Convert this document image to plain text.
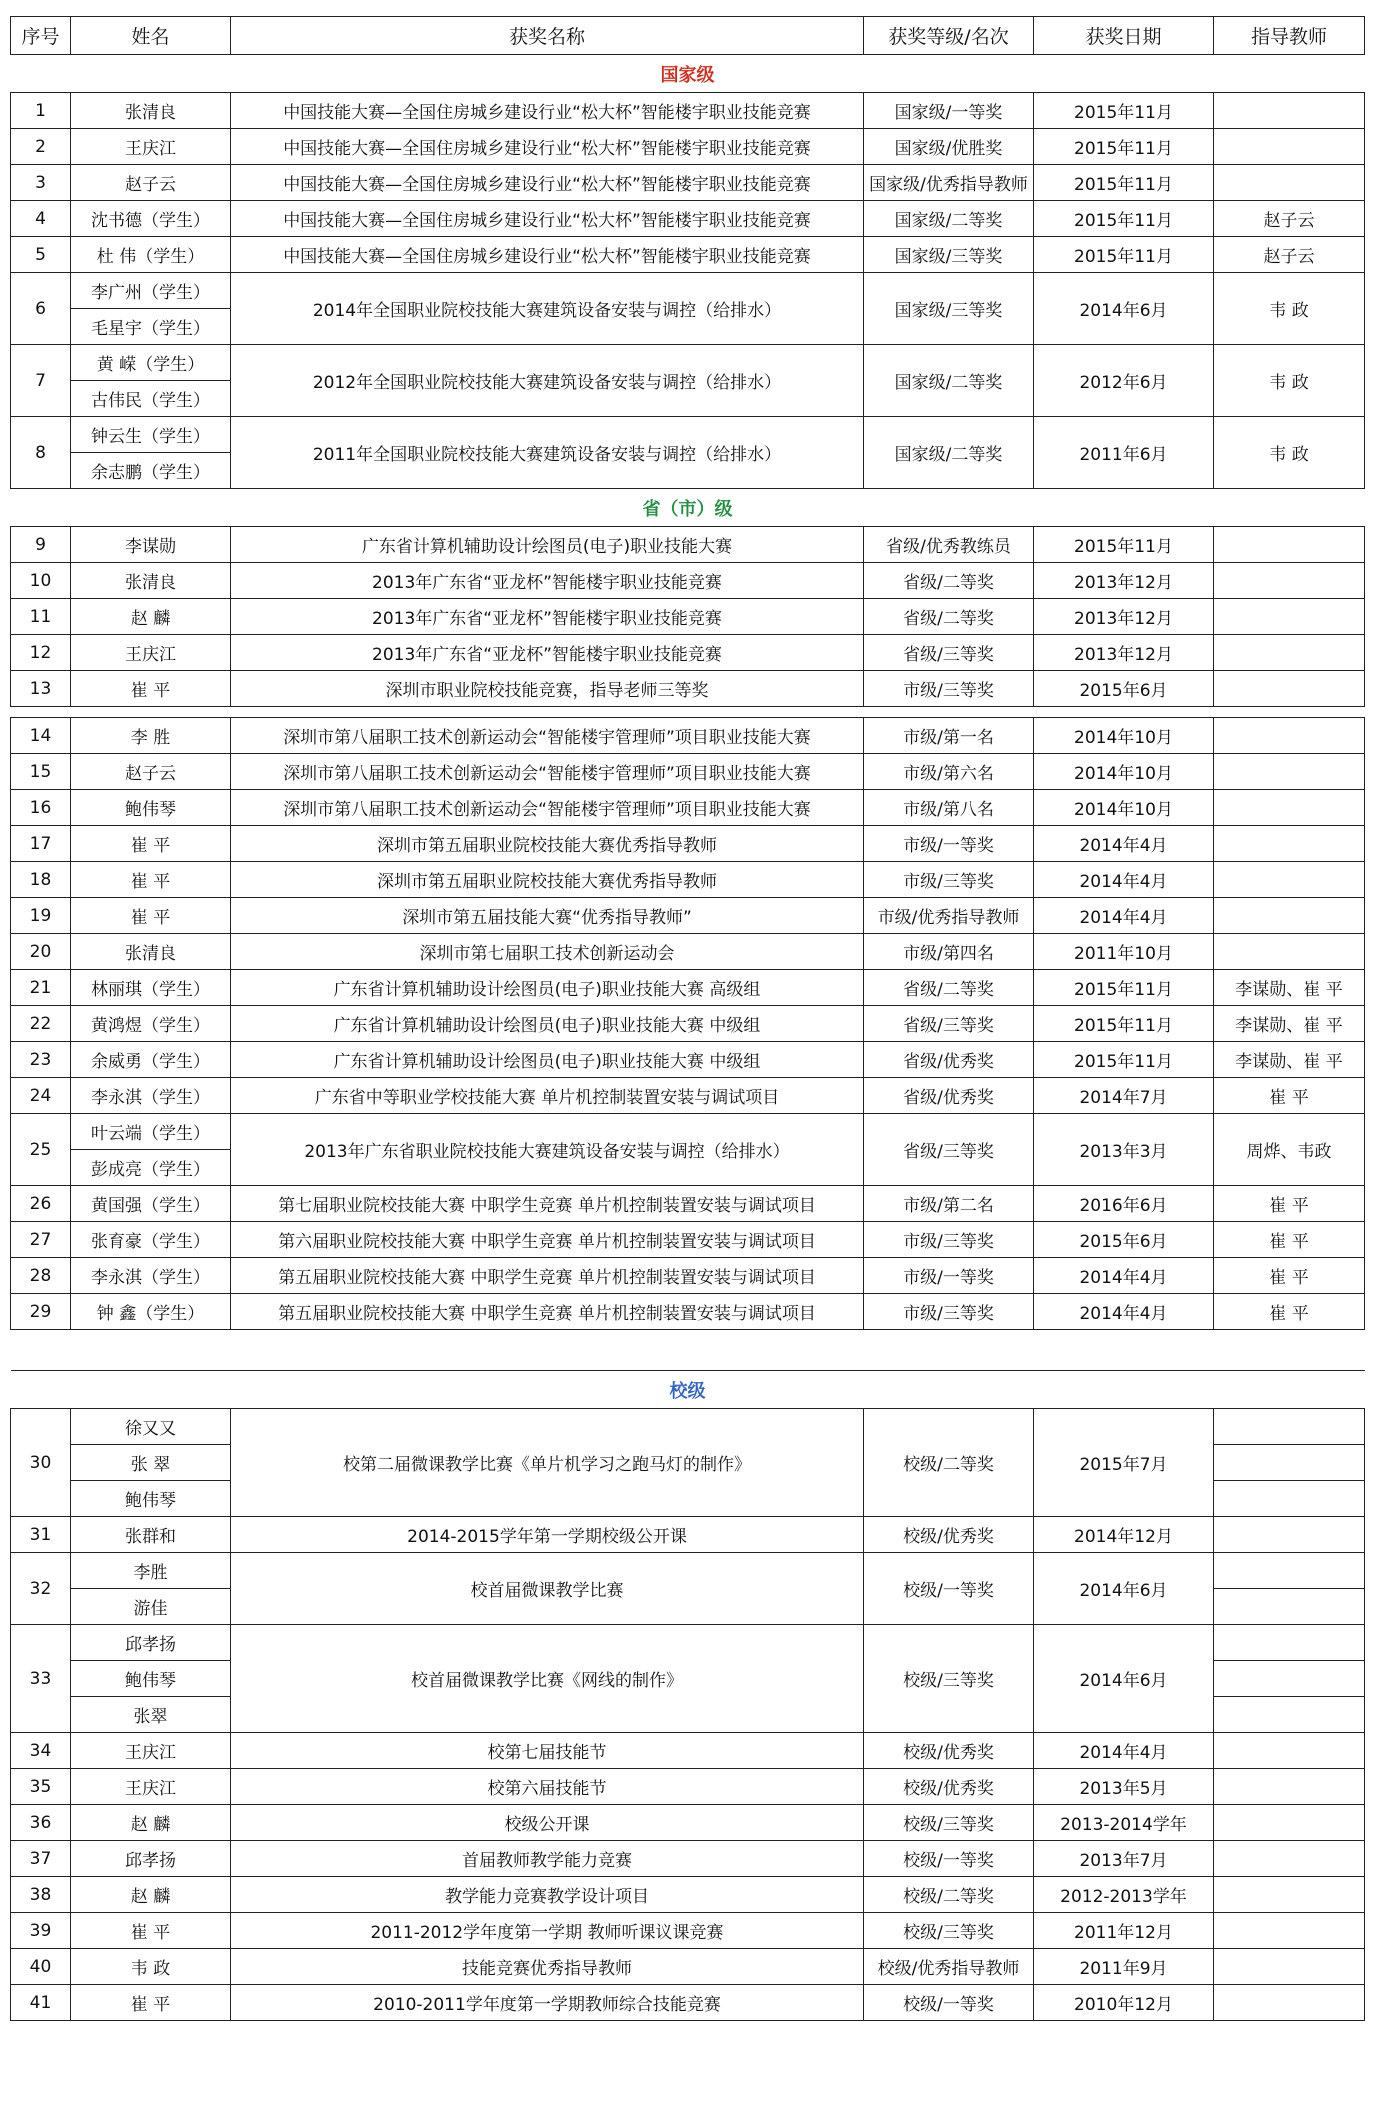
序号	姓名	获奖名称	获奖等级/名次	获奖日期	指导教师
国家级					
1	张清良	中国技能大赛—全国住房城乡建设行业“松大杯”智能楼宇职业技能竞赛	国家级/一等奖	2015年11月	
2	王庆江	中国技能大赛—全国住房城乡建设行业“松大杯”智能楼宇职业技能竞赛	国家级/优胜奖	2015年11月	
3	赵子云	中国技能大赛—全国住房城乡建设行业“松大杯”智能楼宇职业技能竞赛	国家级/优秀指导教师	2015年11月	
4	沈书德（学生）	中国技能大赛—全国住房城乡建设行业“松大杯”智能楼宇职业技能竞赛	国家级/二等奖	2015年11月	赵子云
5	杜 伟（学生）	中国技能大赛—全国住房城乡建设行业“松大杯”智能楼宇职业技能竞赛	国家级/三等奖	2015年11月	赵子云
6	李广州（学生）	2014年全国职业院校技能大赛建筑设备安装与调控（给排水）	国家级/三等奖	2014年6月	韦 政
	毛星宇（学生）				
7	黄 嵘（学生）	2012年全国职业院校技能大赛建筑设备安装与调控（给排水）	国家级/二等奖	2012年6月	韦 政
	古伟民（学生）				
8	钟云生（学生）	2011年全国职业院校技能大赛建筑设备安装与调控（给排水）	国家级/二等奖	2011年6月	韦 政
	余志鹏（学生）				
省（市）级					
9	李谋勋	广东省计算机辅助设计绘图员(电子)职业技能大赛	省级/优秀教练员	2015年11月	
10	张清良	2013年广东省“亚龙杯”智能楼宇职业技能竞赛	省级/二等奖	2013年12月	
11	赵 麟	2013年广东省“亚龙杯”智能楼宇职业技能竞赛	省级/二等奖	2013年12月	
12	王庆江	2013年广东省“亚龙杯”智能楼宇职业技能竞赛	省级/三等奖	2013年12月	
13	崔 平	深圳市职业院校技能竞赛，指导老师三等奖	市级/三等奖	2015年6月	

14	李 胜	深圳市第八届职工技术创新运动会“智能楼宇管理师”项目职业技能大赛	市级/第一名	2014年10月	
15	赵子云	深圳市第八届职工技术创新运动会“智能楼宇管理师”项目职业技能大赛	市级/第六名	2014年10月	
16	鲍伟琴	深圳市第八届职工技术创新运动会“智能楼宇管理师”项目职业技能大赛	市级/第八名	2014年10月	
17	崔 平	深圳市第五届职业院校技能大赛优秀指导教师	市级/一等奖	2014年4月	
18	崔 平	深圳市第五届职业院校技能大赛优秀指导教师	市级/三等奖	2014年4月	
19	崔 平	深圳市第五届技能大赛“优秀指导教师”	市级/优秀指导教师	2014年4月	
20	张清良	深圳市第七届职工技术创新运动会	市级/第四名	2011年10月	
21	林丽琪（学生）	广东省计算机辅助设计绘图员(电子)职业技能大赛 高级组	省级/二等奖	2015年11月	李谋勋、崔 平
22	黄鸿煜（学生）	广东省计算机辅助设计绘图员(电子)职业技能大赛 中级组	省级/三等奖	2015年11月	李谋勋、崔 平
23	余威勇（学生）	广东省计算机辅助设计绘图员(电子)职业技能大赛 中级组	省级/优秀奖	2015年11月	李谋勋、崔 平
24	李永淇（学生）	广东省中等职业学校技能大赛 单片机控制装置安装与调试项目	省级/优秀奖	2014年7月	崔 平
25	叶云端（学生）	2013年广东省职业院校技能大赛建筑设备安装与调控（给排水）	省级/三等奖	2013年3月	周烨、韦政
	彭成亮（学生）				
26	黄国强（学生）	第七届职业院校技能大赛 中职学生竞赛 单片机控制装置安装与调试项目	市级/第二名	2016年6月	崔 平
27	张育豪（学生）	第六届职业院校技能大赛 中职学生竞赛 单片机控制装置安装与调试项目	市级/三等奖	2015年6月	崔 平
28	李永淇（学生）	第五届职业院校技能大赛 中职学生竞赛 单片机控制装置安装与调试项目	市级/一等奖	2014年4月	崔 平
29	钟 鑫（学生）	第五届职业院校技能大赛 中职学生竞赛 单片机控制装置安装与调试项目	市级/三等奖	2014年4月	崔 平

校级					
30	徐又又	校第二届微课教学比赛《单片机学习之跑马灯的制作》	校级/二等奖	2015年7月	
	张 翠				
	鲍伟琴				
31	张群和	2014-2015学年第一学期校级公开课	校级/优秀奖	2014年12月	
32	李胜	校首届微课教学比赛	校级/一等奖	2014年6月	
	游佳				
33	邱孝扬	校首届微课教学比赛《网线的制作》	校级/三等奖	2014年6月	
	鲍伟琴				
	张翠				
34	王庆江	校第七届技能节	校级/优秀奖	2014年4月	
35	王庆江	校第六届技能节	校级/优秀奖	2013年5月	
36	赵 麟	校级公开课	校级/三等奖	2013-2014学年	
37	邱孝扬	首届教师教学能力竞赛	校级/一等奖	2013年7月	
38	赵 麟	教学能力竞赛教学设计项目	校级/二等奖	2012-2013学年	
39	崔 平	2011-2012学年度第一学期 教师听课议课竞赛	校级/三等奖	2011年12月	
40	韦 政	技能竞赛优秀指导教师	校级/优秀指导教师	2011年9月	
41	崔 平	2010-2011学年度第一学期教师综合技能竞赛	校级/一等奖	2010年12月	
